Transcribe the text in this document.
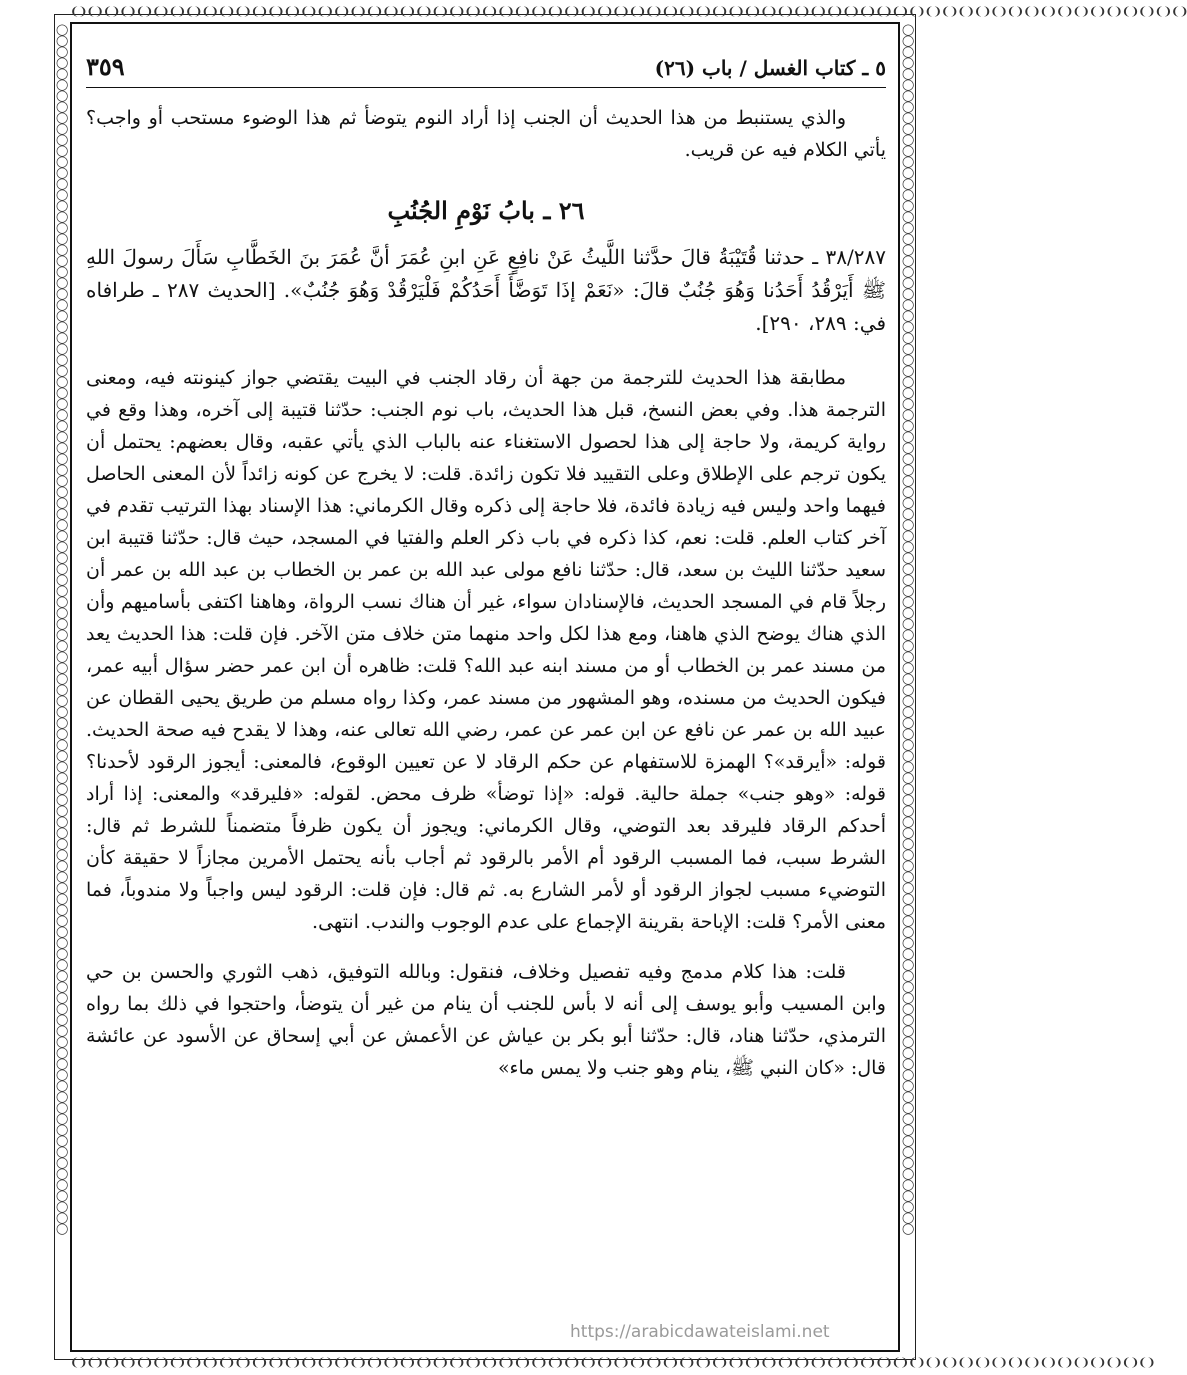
❨❩❨❩❨❩❨❩❨❩❨❩❨❩❨❩❨❩❨❩❨❩❨❩❨❩❨❩❨❩❨❩❨❩❨❩❨❩❨❩❨❩❨❩❨❩❨❩❨❩❨❩❨❩❨❩❨❩❨❩❨❩❨❩❨❩❨❩❨❩❨❩❨❩❨❩❨❩❨❩❨❩❨❩❨❩❨❩❨❩❨❩❨❩❨❩❨❩❨❩❨❩❨❩❨❩❨❩❨❩❨❩❨❩❨❩❨❩❨❩❨❩❨❩❨❩❨❩❨❩❨❩❨❩❨❩
❨❩❨❩❨❩❨❩❨❩❨❩❨❩❨❩❨❩❨❩❨❩❨❩❨❩❨❩❨❩❨❩❨❩❨❩❨❩❨❩❨❩❨❩❨❩❨❩❨❩❨❩❨❩❨❩❨❩❨❩❨❩❨❩❨❩❨❩❨❩❨❩❨❩❨❩❨❩❨❩❨❩❨❩❨❩❨❩❨❩❨❩❨❩❨❩❨❩❨❩❨❩❨❩❨❩❨❩❨❩❨❩❨❩❨❩❨❩❨❩❨❩❨❩❨❩❨❩❨❩❨❩
◯◯◯◯◯◯◯◯◯◯◯◯◯◯◯◯◯◯◯◯◯◯◯◯◯◯◯◯◯◯◯◯◯◯◯◯◯◯◯◯◯◯◯◯◯◯◯◯◯◯◯◯◯◯◯◯◯◯◯◯◯◯◯◯◯◯◯◯◯◯◯◯◯◯◯◯◯◯◯◯◯◯◯◯◯◯◯◯◯◯◯◯◯◯◯◯◯◯◯◯◯◯◯◯◯◯◯◯◯◯
◯◯◯◯◯◯◯◯◯◯◯◯◯◯◯◯◯◯◯◯◯◯◯◯◯◯◯◯◯◯◯◯◯◯◯◯◯◯◯◯◯◯◯◯◯◯◯◯◯◯◯◯◯◯◯◯◯◯◯◯◯◯◯◯◯◯◯◯◯◯◯◯◯◯◯◯◯◯◯◯◯◯◯◯◯◯◯◯◯◯◯◯◯◯◯◯◯◯◯◯◯◯◯◯◯◯◯◯◯◯
٥ ـ كتاب الغسل / باب (٢٦)
٣٥٩

والذي يستنبط من هذا الحديث أن الجنب إذا أراد النوم يتوضأ ثم هذا الوضوء مستحب أو واجب؟ يأتي الكلام فيه عن قريب.

٢٦ ـ بابُ نَوْمِ الجُنُبِ

٣٨/٢٨٧ ـ حدثنا قُتَيْبَةُ قالَ حدَّثنا اللَّيثُ عَنْ نافِعٍ عَنِ ابنِ عُمَرَ أنَّ عُمَرَ بنَ الخَطَّابِ سَأَلَ رسولَ اللهِ ﷺ أَيَرْقُدُ أَحَدُنا وَهُوَ جُنُبٌ قالَ: «نَعَمْ إذَا تَوَضَّأَ أَحَدُكُمْ فَلْيَرْقُدْ وَهُوَ جُنُبٌ». [الحديث ٢٨٧ ـ طرافاه في: ٢٨٩، ٢٩٠].

مطابقة هذا الحديث للترجمة من جهة أن رقاد الجنب في البيت يقتضي جواز كينونته فيه، ومعنى الترجمة هذا. وفي بعض النسخ، قبل هذا الحديث، باب نوم الجنب: حدّثنا قتيبة إلى آخره، وهذا وقع في رواية كريمة، ولا حاجة إلى هذا لحصول الاستغناء عنه بالباب الذي يأتي عقبه، وقال بعضهم: يحتمل أن يكون ترجم على الإطلاق وعلى التقييد فلا تكون زائدة. قلت: لا يخرج عن كونه زائداً لأن المعنى الحاصل فيهما واحد وليس فيه زيادة فائدة، فلا حاجة إلى ذكره وقال الكرماني: هذا الإسناد بهذا الترتيب تقدم في آخر كتاب العلم. قلت: نعم، كذا ذكره في باب ذكر العلم والفتيا في المسجد، حيث قال: حدّثنا قتيبة ابن سعيد حدّثنا الليث بن سعد، قال: حدّثنا نافع مولى عبد الله بن عمر بن الخطاب بن عبد الله بن عمر أن رجلاً قام في المسجد الحديث، فالإسنادان سواء، غير أن هناك نسب الرواة، وهاهنا اكتفى بأساميهم وأن الذي هناك يوضح الذي هاهنا، ومع هذا لكل واحد منهما متن خلاف متن الآخر. فإن قلت: هذا الحديث يعد من مسند عمر بن الخطاب أو من مسند ابنه عبد الله؟ قلت: ظاهره أن ابن عمر حضر سؤال أبيه عمر، فيكون الحديث من مسنده، وهو المشهور من مسند عمر، وكذا رواه مسلم من طريق يحيى القطان عن عبيد الله بن عمر عن نافع عن ابن عمر عن عمر، رضي الله تعالى عنه، وهذا لا يقدح فيه صحة الحديث. قوله: «أيرقد»؟ الهمزة للاستفهام عن حكم الرقاد لا عن تعيين الوقوع، فالمعنى: أيجوز الرقود لأحدنا؟ قوله: «وهو جنب» جملة حالية. قوله: «إذا توضأ» ظرف محض. لقوله: «فليرقد» والمعنى: إذا أراد أحدكم الرقاد فليرقد بعد التوضي، وقال الكرماني: ويجوز أن يكون ظرفاً متضمناً للشرط ثم قال: الشرط سبب، فما المسبب الرقود أم الأمر بالرقود ثم أجاب بأنه يحتمل الأمرين مجازاً لا حقيقة كأن التوضيء مسبب لجواز الرقود أو لأمر الشارع به. ثم قال: فإن قلت: الرقود ليس واجباً ولا مندوباً، فما معنى الأمر؟ قلت: الإباحة بقرينة الإجماع على عدم الوجوب والندب. انتهى.

قلت: هذا كلام مدمج وفيه تفصيل وخلاف، فنقول: وبالله التوفيق، ذهب الثوري والحسن بن حي وابن المسيب وأبو يوسف إلى أنه لا بأس للجنب أن ينام من غير أن يتوضأ، واحتجوا في ذلك بما رواه الترمذي، حدّثنا هناد، قال: حدّثنا أبو بكر بن عياش عن الأعمش عن أبي إسحاق عن الأسود عن عائشة قال: «كان النبي ﷺ، ينام وهو جنب ولا يمس ماء»

https://arabicdawateislami.net
